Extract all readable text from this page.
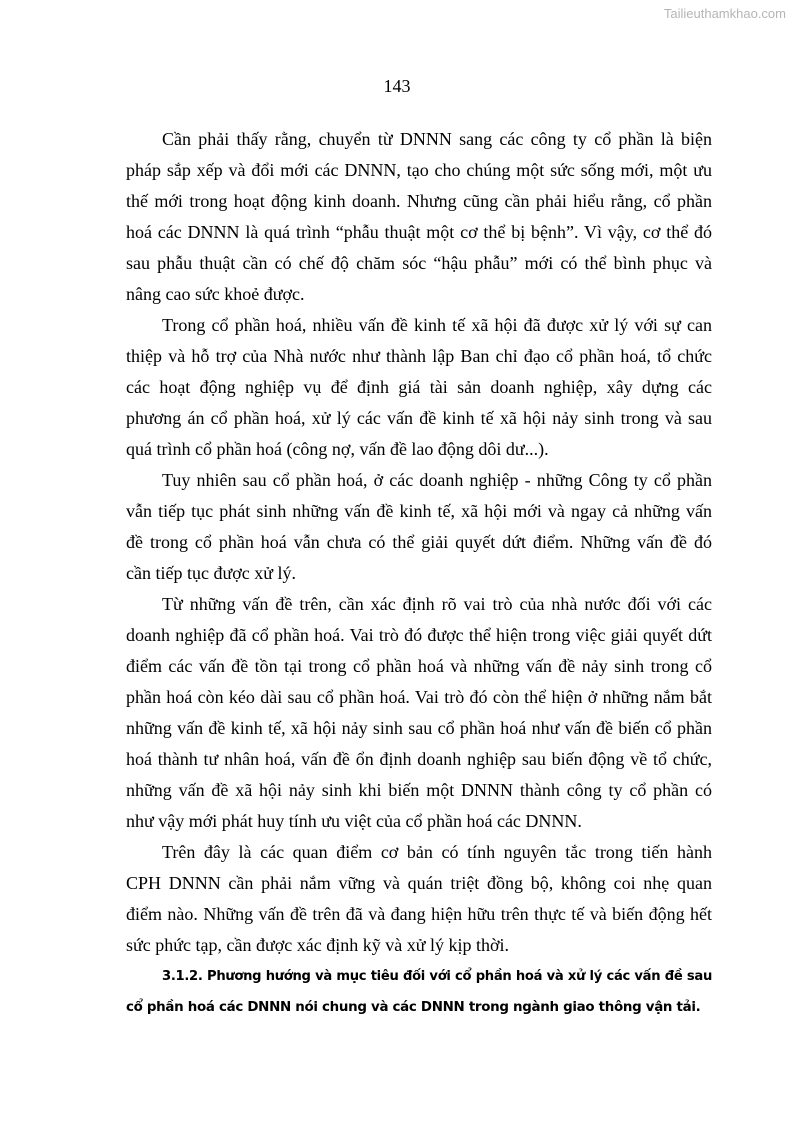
Tailieuthamkhao.com
143
Cần phải thấy rằng, chuyển từ DNNN sang các công ty cổ phần là biện
pháp sắp xếp và đổi mới các DNNN, tạo cho chúng một sức sống mới, một ưu
thế mới trong hoạt động kinh doanh. Nhưng cũng cần phải hiểu rằng, cổ phần
hoá các DNNN là quá trình “phẫu thuật một cơ thể bị bệnh”. Vì vậy, cơ thể đó
sau phẫu thuật cần có chế độ chăm sóc “hậu phẫu” mới có thể bình phục và
nâng cao sức khoẻ được.
Trong cổ phần hoá, nhiều vấn đề kinh tế xã hội đã được xử lý với sự can
thiệp và hỗ trợ của Nhà nước như thành lập Ban chỉ đạo cổ phần hoá, tổ chức
các hoạt động nghiệp vụ để định giá tài sản doanh nghiệp, xây dựng các
phương án cổ phần hoá, xử lý các vấn đề kinh tế xã hội nảy sinh trong và sau
quá trình cổ phần hoá (công nợ, vấn đề lao động dôi dư...).
Tuy nhiên sau cổ phần hoá, ở các doanh nghiệp - những Công ty cổ phần
vẫn tiếp tục phát sinh những vấn đề kinh tế, xã hội mới và ngay cả những vấn
đề trong cổ phần hoá vẫn chưa có thể giải quyết dứt điểm. Những vấn đề đó
cần tiếp tục được xử lý.
Từ những vấn đề trên, cần xác định rõ vai trò của nhà nước đối với các
doanh nghiệp đã cổ phần hoá. Vai trò đó được thể hiện trong việc giải quyết dứt
điểm các vấn đề tồn tại trong cổ phần hoá và những vấn đề nảy sinh trong cổ
phần hoá còn kéo dài sau cổ phần hoá. Vai trò đó còn thể hiện ở những nắm bắt
những vấn đề kinh tế, xã hội nảy sinh sau cổ phần hoá như vấn đề biến cổ phần
hoá thành tư nhân hoá, vấn đề ổn định doanh nghiệp sau biến động về tổ chức,
những vấn đề xã hội nảy sinh khi biến một DNNN thành công ty cổ phần có
như vậy mới phát huy tính ưu việt của cổ phần hoá các DNNN.
Trên đây là các quan điểm cơ bản có tính nguyên tắc trong tiến hành
CPH DNNN cần phải nắm vững và quán triệt đồng bộ, không coi nhẹ quan
điểm nào. Những vấn đề trên đã và đang hiện hữu trên thực tế và biến động hết
sức phức tạp, cần được xác định kỹ và xử lý kịp thời.
3.1.2. Phương hướng và mục tiêu đối với cổ phần hoá và xử lý các vấn đề sau
cổ phần hoá các DNNN nói chung và các DNNN trong ngành giao thông vận tải.
